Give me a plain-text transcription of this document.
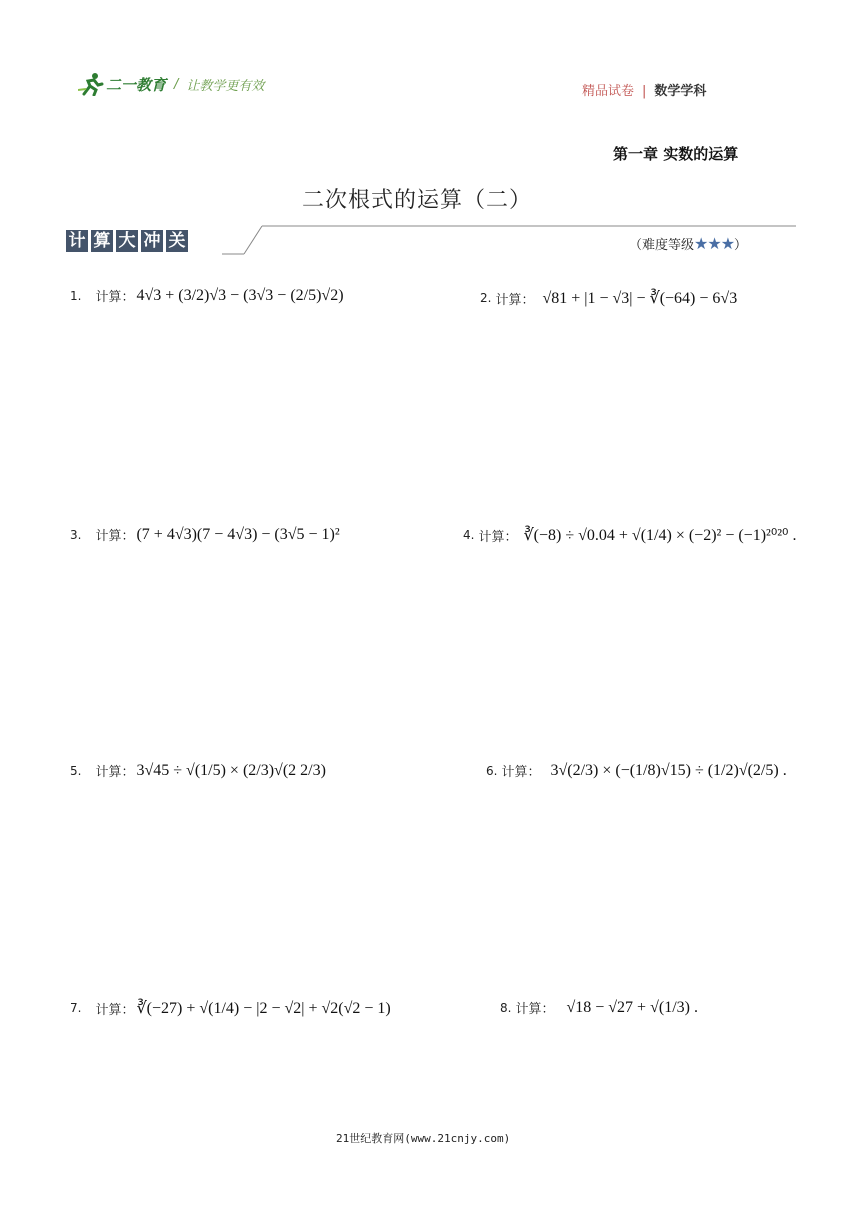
二一教育 / 让教学更有效	精品试卷 | 数学学科
第一章 实数的运算
二次根式的运算（二）
计 算 大 冲 关	（难度等级★★★）
1. 计算： 4√3 + (3/2)√3 − (3√3 − (2/5)√2)	2. 计算： √81 + |1 − √3| − ∛(−64) − 6√3
3. 计算： (7 + 4√3)(7 − 4√3) − (3√5 − 1)²	4. 计算： ∛(−8) ÷ √0.04 + √(1/4) × (−2)² − (−1)²⁰²⁰ .
5. 计算： 3√45 ÷ √(1/5) × (2/3)√(2 2/3)	6. 计算： 3√(2/3) × (−(1/8)√15) ÷ (1/2)√(2/5) .
7. 计算： ∛(−27) + √(1/4) − |2 − √2| + √2(√2 − 1)	8. 计算： √18 − √27 + √(1/3) .
21世纪教育网(www.21cnjy.com)
